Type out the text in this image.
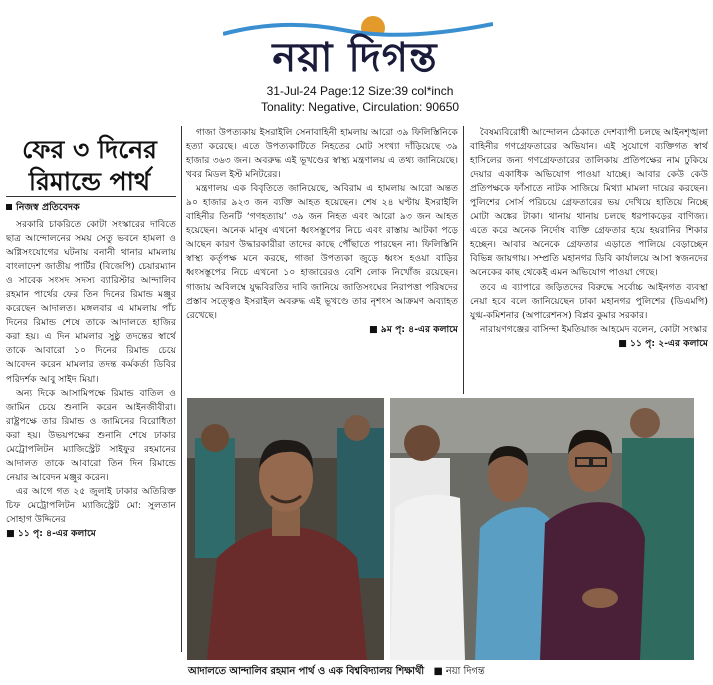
নয়া দিগন্ত
31-Jul-24 Page:12 Size:39 col*inch
Tonality: Negative, Circulation: 90650
ফের ৩ দিনের
রিমান্ডে পার্থ
নিজস্ব প্রতিবেদক

সরকারি চাকরিতে কোটা সংস্কারের দাবিতে ছাত্র আন্দোলনের সময় সেতু ভবনে হামলা ও অগ্নিসংযোগের ঘটনায় বনানী থানার মামলায় বাংলাদেশ জাতীয় পার্টির (বিজেপি) চেয়ারম্যান ও সাবেক সংসদ সদস্য ব্যারিস্টার আন্দালিব রহমান পার্থের ফের তিন দিনের রিমান্ড মঞ্জুর করেছেন আদালত। মঙ্গলবার এ মামলায় পাঁচ দিনের রিমান্ড শেষে তাকে আদালতে হাজির করা হয়। এ দিন মামলার সুষ্ঠু তদন্তের স্বার্থে তাকে আবারো ১০ দিনের রিমান্ড চেয়ে আবেদন করেন মামলার তদন্ত কর্মকর্তা ডিবির পরিদর্শক আবু সাইদ মিয়া।

অন্য দিকে আসামিপক্ষে রিমান্ড বাতিল ও জামিন চেয়ে শুনানি করেন আইনজীবীরা। রাষ্ট্রপক্ষে তার রিমান্ড ও জামিনের বিরোধিতা করা হয়। উভয়পক্ষের শুনানি শেষে ঢাকার মেট্রোপলিটন ম্যাজিস্ট্রেট সাইফুর রহমানের আদালত তাকে আবারো তিন দিন রিমান্ডে নেয়ার আবেদন মঞ্জুর করেন।

এর আগে গত ২৫ জুলাই ঢাকার অতিরিক্ত চিফ মেট্রোপলিটন ম্যাজিস্ট্রেট মো: সুলতান সোহাগ উদ্দিনের

■ ১১ পৃ: ৪-এর কলামে

গাজা উপত্যকায় ইসরাইলি সেনাবাহিনী হামলায় আরো ৩৯ ফিলিস্তিনিকে হত্যা করেছে। এতে উপত্যকাটিতে নিহতের মোট সংখ্যা দাঁড়িয়েছে ৩৯ হাজার ৩৬৩ জন। অবরুদ্ধ এই ভূখণ্ডের স্বাস্থ্য মন্ত্রণালয় এ তথ্য জানিয়েছে। খবর মিডল ইস্ট মনিটরের।

মন্ত্রণালয় এক বিবৃতিতে জানিয়েছে, অবিরাম এ হামলায় আরো অন্তত ৯০ হাজার ৯২৩ জন ব্যক্তি আহত হয়েছেন। শেষ ২৪ ঘণ্টায় ইসরাইলি বাহিনীর তিনটি ‘গণহত্যায়’ ৩৯ জন নিহত এবং আরো ৯৩ জন আহত হয়েছেন। অনেক মানুষ এখনো ধ্বংসস্তূপের নিচে এবং রাস্তায় আটকা পড়ে আছেন কারণ উদ্ধারকারীরা তাদের কাছে পৌঁছাতে পারছেন না। ফিলিস্তিনি স্বাস্থ্য কর্তৃপক্ষ মনে করছে, গাজা উপত্যকা জুড়ে ধ্বংস হওয়া বাড়ির ধ্বংসস্তূপের নিচে এখনো ১০ হাজারেরও বেশি লোক নিখোঁজ রয়েছেন। গাজায় অবিলম্বে যুদ্ধবিরতির দাবি জানিয়ে জাতিসংঘের নিরাপত্তা পরিষদের প্রস্তাব সত্ত্বেও ইসরাইল অবরুদ্ধ এই ভূখণ্ডে তার নৃশংস আক্রমণ অব্যাহত রেখেছে।

■ ৯ম পৃ: ৪-এর কলামে

বৈষম্যবিরোধী আন্দোলন ঠেকাতে দেশব্যাপী চলছে আইনশৃঙ্খলা বাহিনীর গণগ্রেফতারের অভিযান। এই সুযোগে ব্যক্তিগত স্বার্থ হাসিলের জন্য গণগ্রেফতারের তালিকায় প্রতিপক্ষের নাম ঢুকিয়ে দেয়ার একাধিক অভিযোগ পাওয়া যাচ্ছে। আবার কেউ কেউ প্রতিপক্ষকে ফাঁসাতে নাটক সাজিয়ে মিথ্যা মামলা দায়ের করছেন। পুলিশের সোর্স পরিচয়ে গ্রেফতারের ভয় দেখিয়ে হাতিয়ে নিচ্ছে মোটা অঙ্কের টাকা। থানায় থানায় চলছে ধরপাকড়ের বাণিজ্য। এতে করে অনেক নির্দোষ ব্যক্তি গ্রেফতার হয়ে হয়রানির শিকার হচ্ছেন। আবার অনেকে গ্রেফতার এড়াতে পালিয়ে বেড়াচ্ছেন বিভিন্ন জায়গায়। সম্প্রতি মহানগর ডিবি কার্যালয়ে আসা স্বজনদের অনেকের কাছ থেকেই এমন অভিযোগ পাওয়া গেছে।

তবে এ ব্যাপারে জড়িতদের বিরুদ্ধে সর্বোচ্চ আইনগত ব্যবস্থা নেয়া হবে বলে জানিয়েছেন ঢাকা মহানগর পুলিশের (ডিএমপি) যুগ্ম-কমিশনার (অপারেশনস) বিপ্লব কুমার সরকার।

নারায়ণগঞ্জের বাসিন্দা ইমতিয়াজ আহমেদ বলেন, কোটা সংস্কার

■ ১১ পৃ: ২-এর কলামে

আদালতে আন্দালিব রহমান পার্থ ও এক বিশ্ববিদ্যালয় শিক্ষার্থী ■ নয়া দিগন্ত
